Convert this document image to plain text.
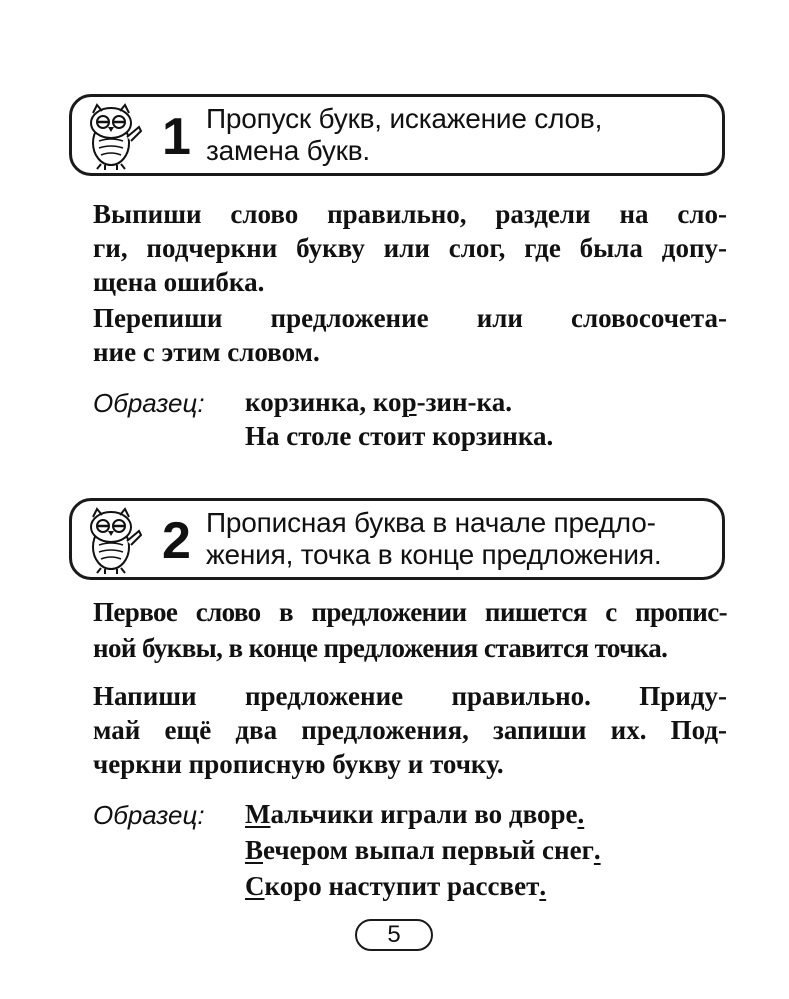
1 Пропуск букв, искажение слов,
замена букв.
Выпиши слово правильно, раздели на сло-
ги, подчеркни букву или слог, где была допу-
щена ошибка.
Перепиши предложение или словосочета-
ние с этим словом.
Образец: корзинка, кор-зин-ка.
На столе стоит корзинка.
2 Прописная буква в начале предло-
жения, точка в конце предложения.
Первое слово в предложении пишется с пропис-
ной буквы, в конце предложения ставится точка.
Напиши предложение правильно. Приду-
май ещё два предложения, запиши их. Под-
черкни прописную букву и точку.
Образец: Мальчики играли во дворе.
Вечером выпал первый снег.
Скоро наступит рассвет.
5
